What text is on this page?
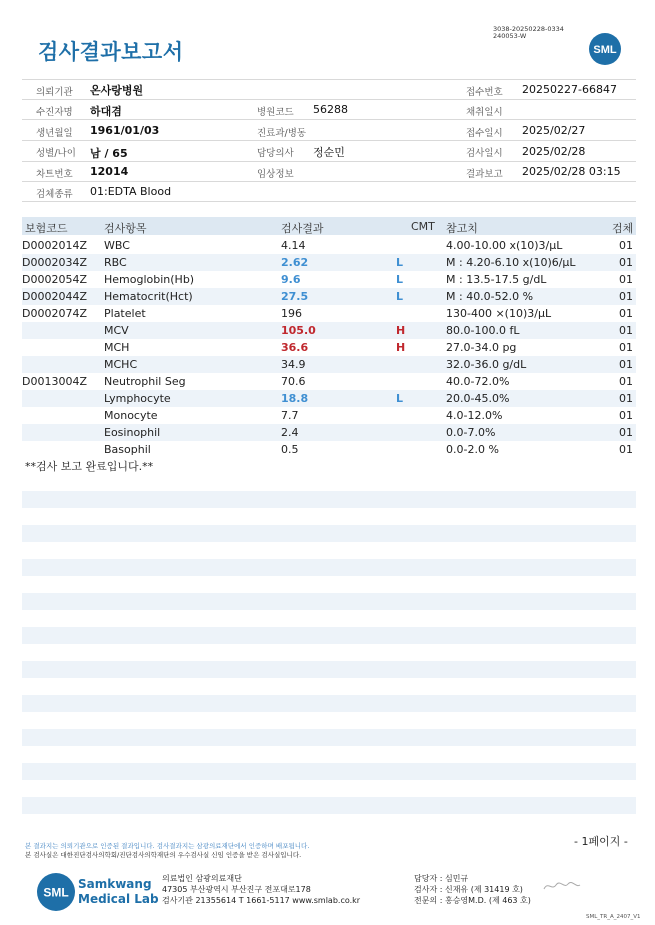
검사결과보고서
3038-20250228-0334
240053-W
SML
의뢰기관 온사랑병원	접수번호 20250227-66847
수진자명 하대겸	병원코드 56288	채취일시
생년월일 1961/01/03	진료과/병동	접수일시 2025/02/27
성별/나이 남 / 65	담당의사 정순민	검사일시 2025/02/28
차트번호 12014	임상정보	결과보고 2025/02/28 03:15
검체종류 01:EDTA Blood
보험코드	검사항목	검사결과	CMT 참고치	검체
D0002014Z WBC	4.14	4.00-10.00 x(10)3/μL	01
D0002034Z RBC	2.62	L	M : 4.20-6.10 x(10)6/μL	01
D0002054Z Hemoglobin(Hb)	9.6	L	M : 13.5-17.5 g/dL	01
D0002044Z Hematocrit(Hct)	27.5	L	M : 40.0-52.0 %	01
D0002074Z Platelet	196	130-400 ×(10)3/μL	01
MCV	105.0	H	80.0-100.0 fL	01
MCH	36.6	H	27.0-34.0 pg	01
MCHC	34.9	32.0-36.0 g/dL	01
D0013004Z Neutrophil Seg	70.6	40.0-72.0%	01
Lymphocyte	18.8	L	20.0-45.0%	01
Monocyte	7.7	4.0-12.0%	01
Eosinophil	2.4	0.0-7.0%	01
Basophil	0.5	0.0-2.0 %	01
**검사 보고 완료입니다.**
- 1페이지 -
본 결과지는 의뢰기관으로 인증된 결과입니다. 검사결과지는 삼광의료재단에서 인증하며 배포됩니다.
본 검사실은 대한진단검사의학회/진단검사의학재단의 우수검사실 신임 인증을 받은 검사실입니다.
SML
Samkwang
Medical Lab
의료법인 삼광의료재단
47305 부산광역시 부산진구 전포대로178
검사기관 21355614 T 1661-5117 www.smlab.co.kr
담당자 : 심민규
검사자 : 신재유 (제 31419 호)
전문의 : 홍승영M.D. (제 463 호)
SML_TR_A_2407_V1
